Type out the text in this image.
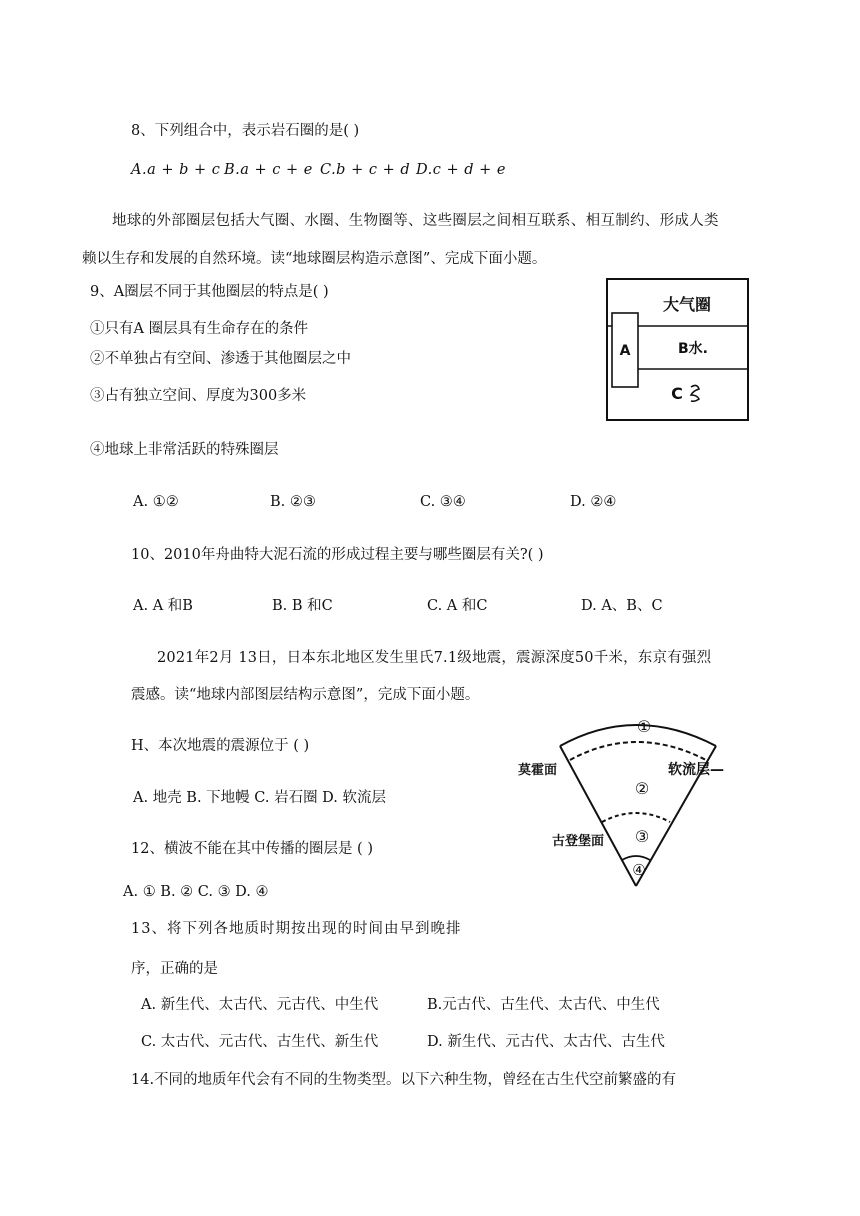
8、下列组合中，表示岩石圈的是( )
A.a + b + c B.a + c + e C.b + c + d D.c + d + e
地球的外部圈层包括大气圈、水圈、生物圈等、这些圈层之间相互联系、相互制约、形成人类
赖以生存和发展的自然环境。读“地球圈层构造示意图”、完成下面小题。
9、A圈层不同于其他圈层的特点是( )
①只有A 圈层具有生命存在的条件
②不单独占有空间、渗透于其他圈层之中
③占有独立空间、厚度为300多米
④地球上非常活跃的特殊圈层
A. ①②	B. ②③	C. ③④	D. ②④
大气圈
A	B水.
C
10、2010年舟曲特大泥石流的形成过程主要与哪些圈层有关?( )
A. A 和B	B. B 和C	C. A 和C	D. A、B、C
2021年2月 13日，日本东北地区发生里氏7.1级地震，震源深度50千米，东京有强烈
震感。读“地球内部图层结构示意图”，完成下面小题。
H、本次地震的震源位于 ( )
A. 地壳 B. 下地幔 C. 岩石圈 D. 软流层
12、横波不能在其中传播的圈层是 ( )
A. ① B. ② C. ③ D. ④
①
②
③
④
莫霍面
古登堡面
软流层—
13、将下列各地质时期按出现的时间由早到晚排
序，正确的是
A. 新生代、太古代、元古代、中生代	B.元古代、古生代、太古代、中生代
C. 太古代、元古代、古生代、新生代	D. 新生代、元古代、太古代、古生代
14.不同的地质年代会有不同的生物类型。以下六种生物，曾经在古生代空前繁盛的有
